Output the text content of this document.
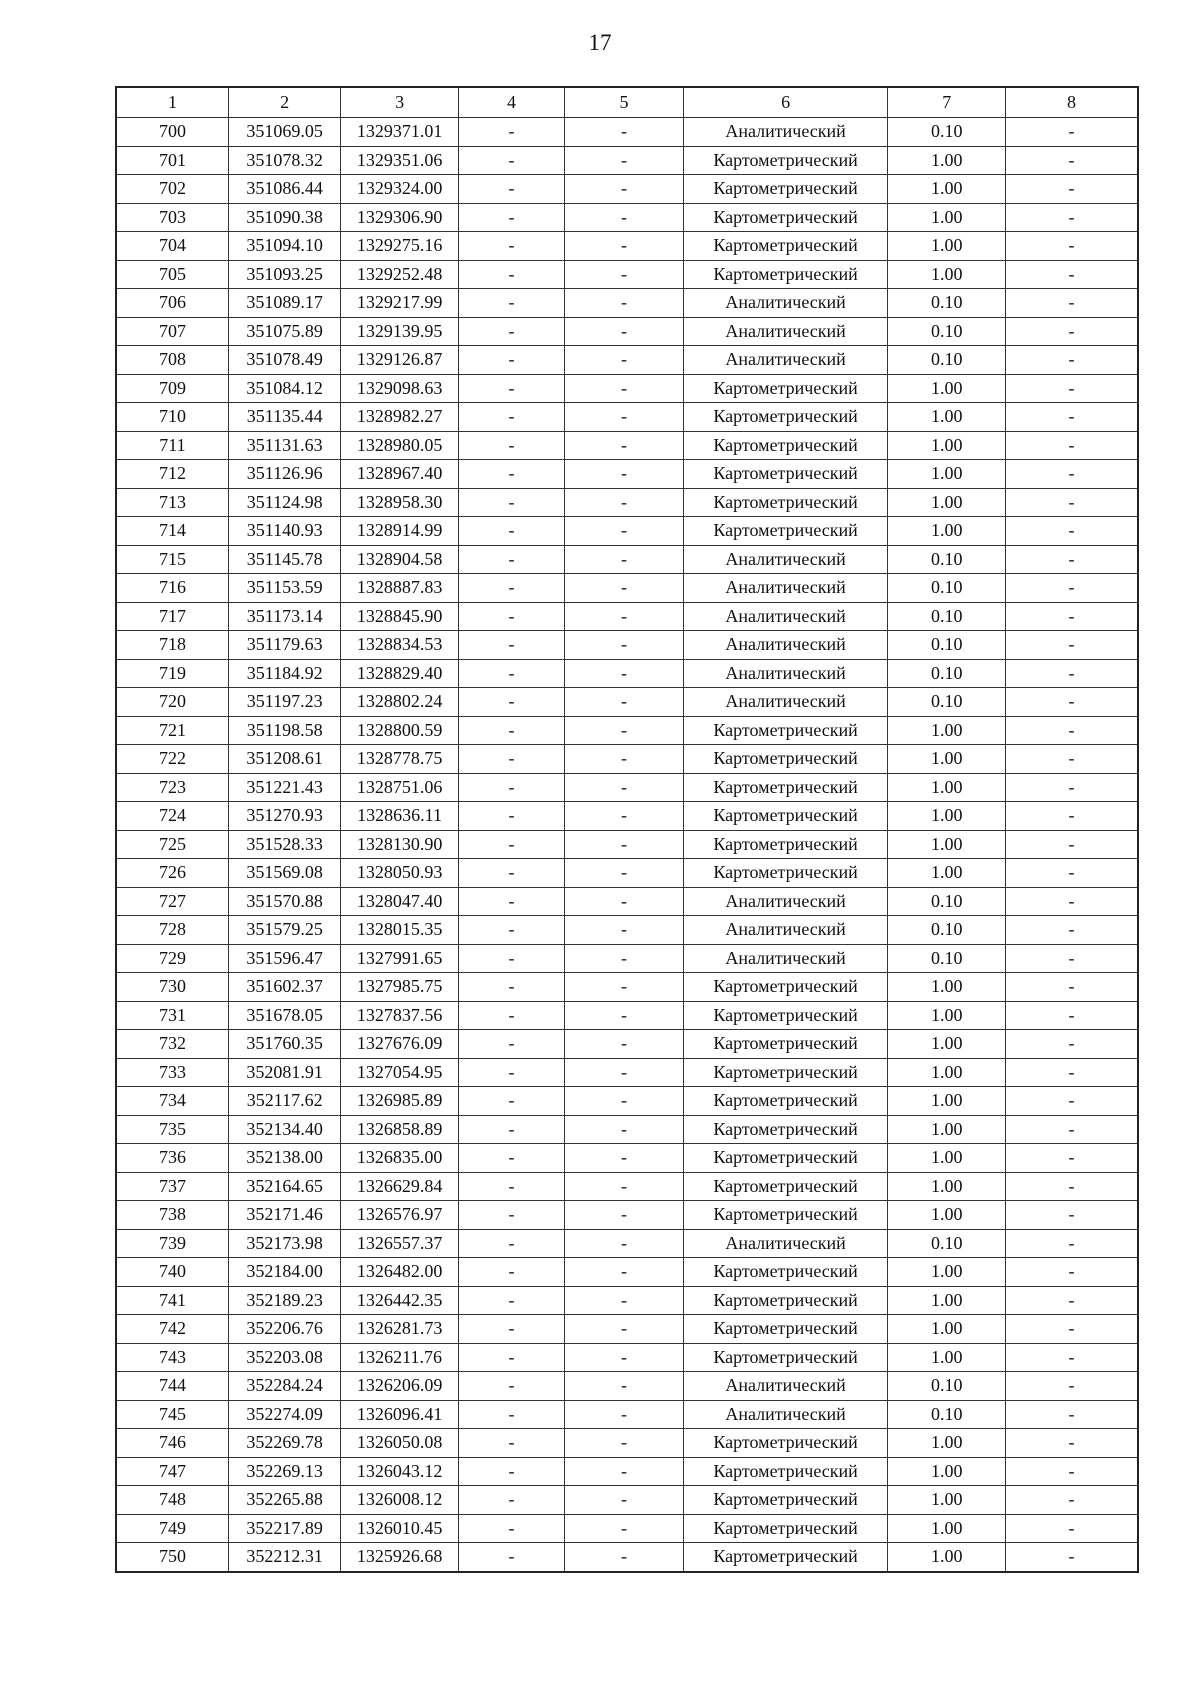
17
1	2	3	4	5	6	7	8
700	351069.05	1329371.01	-	-	Аналитический	0.10	-
701	351078.32	1329351.06	-	-	Картометрический	1.00	-
702	351086.44	1329324.00	-	-	Картометрический	1.00	-
703	351090.38	1329306.90	-	-	Картометрический	1.00	-
704	351094.10	1329275.16	-	-	Картометрический	1.00	-
705	351093.25	1329252.48	-	-	Картометрический	1.00	-
706	351089.17	1329217.99	-	-	Аналитический	0.10	-
707	351075.89	1329139.95	-	-	Аналитический	0.10	-
708	351078.49	1329126.87	-	-	Аналитический	0.10	-
709	351084.12	1329098.63	-	-	Картометрический	1.00	-
710	351135.44	1328982.27	-	-	Картометрический	1.00	-
711	351131.63	1328980.05	-	-	Картометрический	1.00	-
712	351126.96	1328967.40	-	-	Картометрический	1.00	-
713	351124.98	1328958.30	-	-	Картометрический	1.00	-
714	351140.93	1328914.99	-	-	Картометрический	1.00	-
715	351145.78	1328904.58	-	-	Аналитический	0.10	-
716	351153.59	1328887.83	-	-	Аналитический	0.10	-
717	351173.14	1328845.90	-	-	Аналитический	0.10	-
718	351179.63	1328834.53	-	-	Аналитический	0.10	-
719	351184.92	1328829.40	-	-	Аналитический	0.10	-
720	351197.23	1328802.24	-	-	Аналитический	0.10	-
721	351198.58	1328800.59	-	-	Картометрический	1.00	-
722	351208.61	1328778.75	-	-	Картометрический	1.00	-
723	351221.43	1328751.06	-	-	Картометрический	1.00	-
724	351270.93	1328636.11	-	-	Картометрический	1.00	-
725	351528.33	1328130.90	-	-	Картометрический	1.00	-
726	351569.08	1328050.93	-	-	Картометрический	1.00	-
727	351570.88	1328047.40	-	-	Аналитический	0.10	-
728	351579.25	1328015.35	-	-	Аналитический	0.10	-
729	351596.47	1327991.65	-	-	Аналитический	0.10	-
730	351602.37	1327985.75	-	-	Картометрический	1.00	-
731	351678.05	1327837.56	-	-	Картометрический	1.00	-
732	351760.35	1327676.09	-	-	Картометрический	1.00	-
733	352081.91	1327054.95	-	-	Картометрический	1.00	-
734	352117.62	1326985.89	-	-	Картометрический	1.00	-
735	352134.40	1326858.89	-	-	Картометрический	1.00	-
736	352138.00	1326835.00	-	-	Картометрический	1.00	-
737	352164.65	1326629.84	-	-	Картометрический	1.00	-
738	352171.46	1326576.97	-	-	Картометрический	1.00	-
739	352173.98	1326557.37	-	-	Аналитический	0.10	-
740	352184.00	1326482.00	-	-	Картометрический	1.00	-
741	352189.23	1326442.35	-	-	Картометрический	1.00	-
742	352206.76	1326281.73	-	-	Картометрический	1.00	-
743	352203.08	1326211.76	-	-	Картометрический	1.00	-
744	352284.24	1326206.09	-	-	Аналитический	0.10	-
745	352274.09	1326096.41	-	-	Аналитический	0.10	-
746	352269.78	1326050.08	-	-	Картометрический	1.00	-
747	352269.13	1326043.12	-	-	Картометрический	1.00	-
748	352265.88	1326008.12	-	-	Картометрический	1.00	-
749	352217.89	1326010.45	-	-	Картометрический	1.00	-
750	352212.31	1325926.68	-	-	Картометрический	1.00	-
